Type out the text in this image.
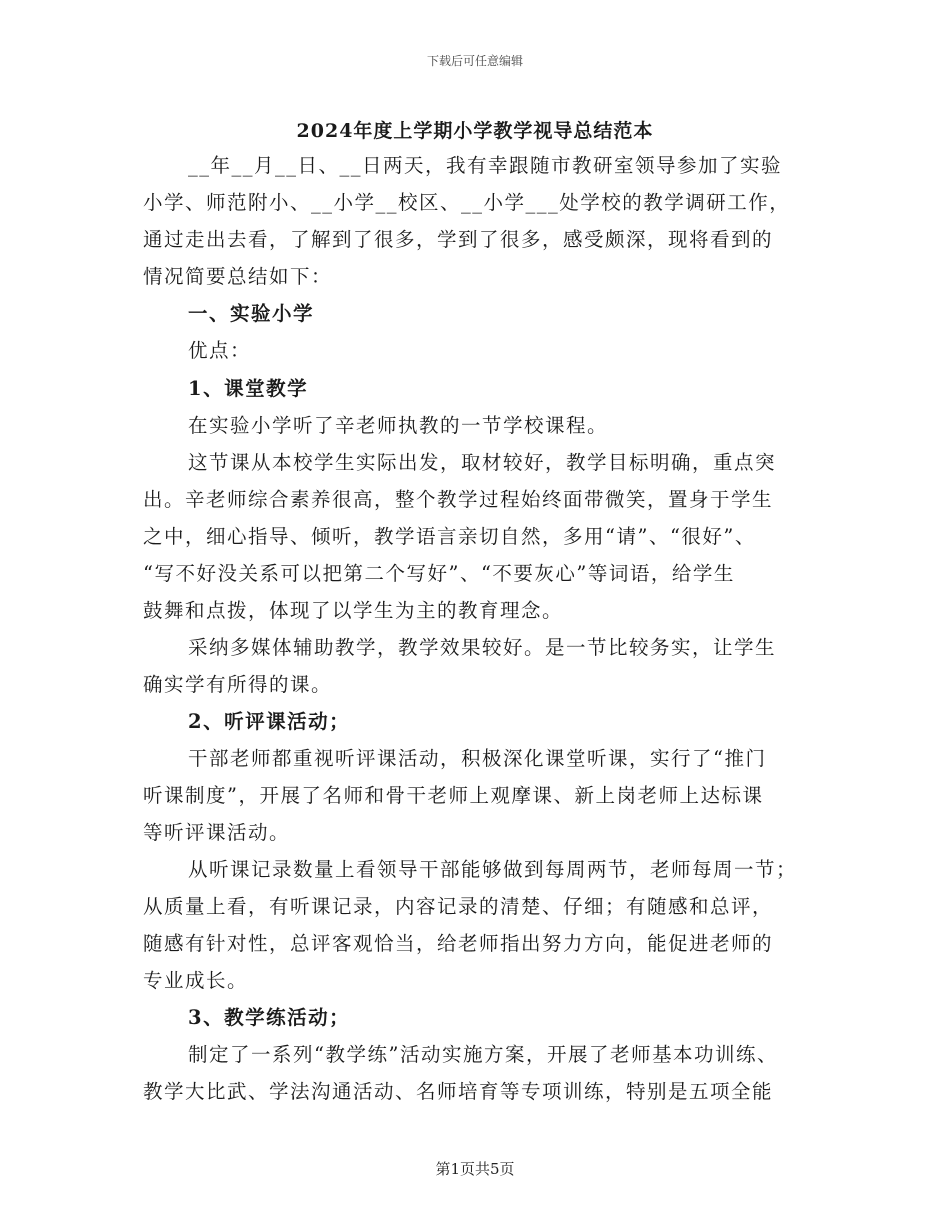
下载后可任意编辑
2024年度上学期小学教学视导总结范本
__年__月__日、__日两天，我有幸跟随市教研室领导参加了实验
小学、师范附小、__小学__校区、__小学___处学校的教学调研工作，
通过走出去看，了解到了很多，学到了很多，感受颇深，现将看到的
情况简要总结如下：
一、实验小学
优点：
1、课堂教学
在实验小学听了辛老师执教的一节学校课程。
这节课从本校学生实际出发，取材较好，教学目标明确，重点突
出。辛老师综合素养很高，整个教学过程始终面带微笑，置身于学生
之中，细心指导、倾听，教学语言亲切自然，多用“请”、“很好”、
“写不好没关系可以把第二个写好”、“不要灰心”等词语，给学生
鼓舞和点拨，体现了以学生为主的教育理念。
采纳多媒体辅助教学，教学效果较好。是一节比较务实，让学生
确实学有所得的课。
2、听评课活动；
干部老师都重视听评课活动，积极深化课堂听课，实行了“推门
听课制度”，开展了名师和骨干老师上观摩课、新上岗老师上达标课
等听评课活动。
从听课记录数量上看领导干部能够做到每周两节，老师每周一节；
从质量上看，有听课记录，内容记录的清楚、仔细；有随感和总评，
随感有针对性，总评客观恰当，给老师指出努力方向，能促进老师的
专业成长。
3、教学练活动；
制定了一系列“教学练”活动实施方案，开展了老师基本功训练、
教学大比武、学法沟通活动、名师培育等专项训练，特别是五项全能
第1页共5页
